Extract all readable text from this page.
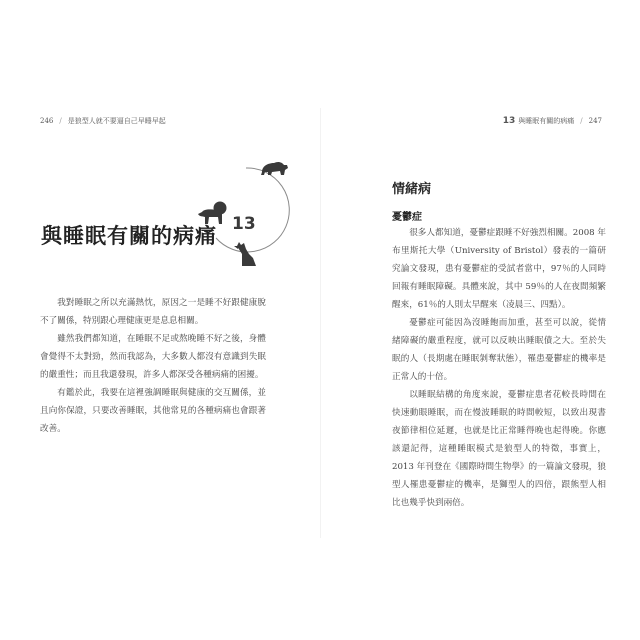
246 / 是狼型人就不要逼自己早睡早起
13
與睡眠有關的病痛

我對睡眠之所以充滿熱忱，原因之一是睡不好跟健康脫不了關係，特別跟心理健康更是息息相關。

雖然我們都知道，在睡眠不足或熬晚睡不好之後，身體會覺得不太對勁，然而我認為，大多數人都沒有意識到失眠的嚴重性；而且我還發現，許多人都深受各種病痛的困擾。

有鑑於此，我要在這裡強調睡眠與健康的交互關係，並且向你保證，只要改善睡眠，其他常見的各種病痛也會跟著改善。

13 與睡眠有關的病痛 / 247
情緒病
憂鬱症

很多人都知道，憂鬱症跟睡不好強烈相關。2008 年布里斯托大學（University of Bristol）發表的一篇研究論文發現，患有憂鬱症的受試者當中，97％的人同時回報有睡眠障礙。具體來說，其中 59％的人在夜間頻繁醒來，61％的人則太早醒來（凌晨三、四點）。

憂鬱症可能因為沒睡飽而加重，甚至可以說，從情緒障礙的嚴重程度，就可以反映出睡眠債之大。至於失眠的人（長期處在睡眠剝奪狀態），罹患憂鬱症的機率是正常人的十倍。

以睡眠結構的角度來說，憂鬱症患者花較長時間在快速動眼睡眠，而在慢波睡眠的時間較短，以致出現書夜節律相位延遲，也就是比正常睡得晚也起得晚。你應該還記得，這種睡眠模式是狼型人的特徵，事實上，2013 年刊登在《國際時間生物學》的一篇論文發現，狼型人罹患憂鬱症的機率，是獅型人的四倍，跟熊型人相比也幾乎快到兩倍。
